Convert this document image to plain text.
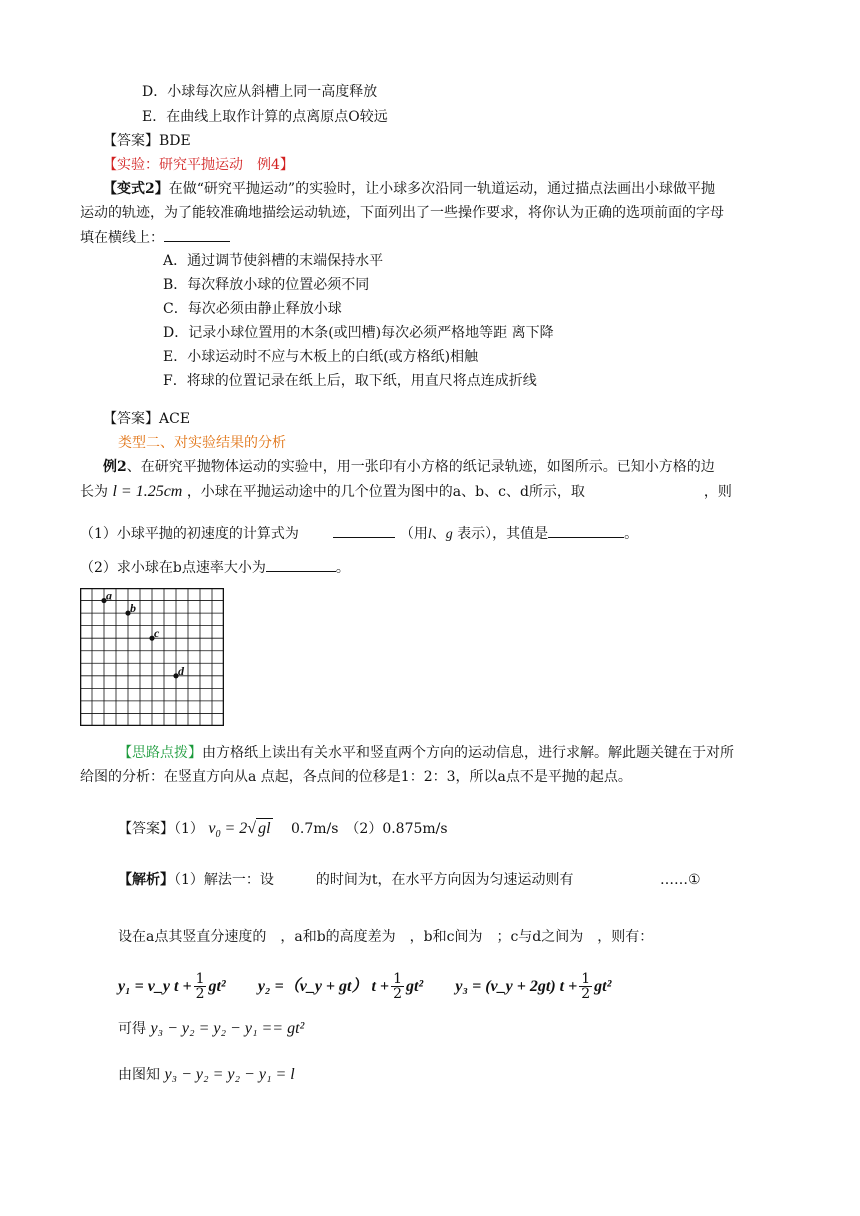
D．小球每次应从斜槽上同一高度释放
E．在曲线上取作计算的点离原点O较远
【答案】BDE
【实验：研究平抛运动　例4】
【变式2】在做“研究平抛运动”的实验时，让小球多次沿同一轨道运动，通过描点法画出小球做平抛
运动的轨迹，为了能较准确地描绘运动轨迹，下面列出了一些操作要求，将你认为正确的选项前面的字母
填在横线上：
A．通过调节使斜槽的末端保持水平
B．每次释放小球的位置必须不同
C．每次必须由静止释放小球
D．记录小球位置用的木条(或凹槽)每次必须严格地等距 离下降
E．小球运动时不应与木板上的白纸(或方格纸)相触
F．将球的位置记录在纸上后，取下纸，用直尺将点连成折线
【答案】ACE
类型二、对实验结果的分析
例2、在研究平抛物体运动的实验中，用一张印有小方格的纸记录轨迹，如图所示。已知小方格的边
长为 l = 1.25cm ，小球在平抛运动途中的几个位置为图中的a、b、c、d所示，取	，则
（1）小球平抛的初速度的计算式为	（用l、g 表示），其值是	。
（2）求小球在b点速率大小为	。
a
b
c
d
【思路点拨】由方格纸上读出有关水平和竖直两个方向的运动信息，进行求解。解此题关键在于对所
给图的分析：在竖直方向从a 点起，各点间的位移是1：2：3，所以a点不是平抛的起点。
【答案】（1） $v_0 = 2√$ gl 　0.7m/s　（2）0.875m/s
【解析】（1）解法一：设　　　的时间为t，在水平方向因为匀速运动则有	……①
设在a点其竖直分速度的　，a和b的高度差为　，b和c间为　；c与d之间为　，则有：
y₁ = v_y $t + \frac{1}{2} gt^2$ y₂ =（v_y + gt） $t + \frac{1}{2} gt^2$ y₃ = (v_y + 2gt) $t + \frac{1}{2} gt^2$
可得 y₃ − y₂ = y₂ − y₁ == gt²
由图知 y₃ − y₂ = y₂ − y₁ = l
